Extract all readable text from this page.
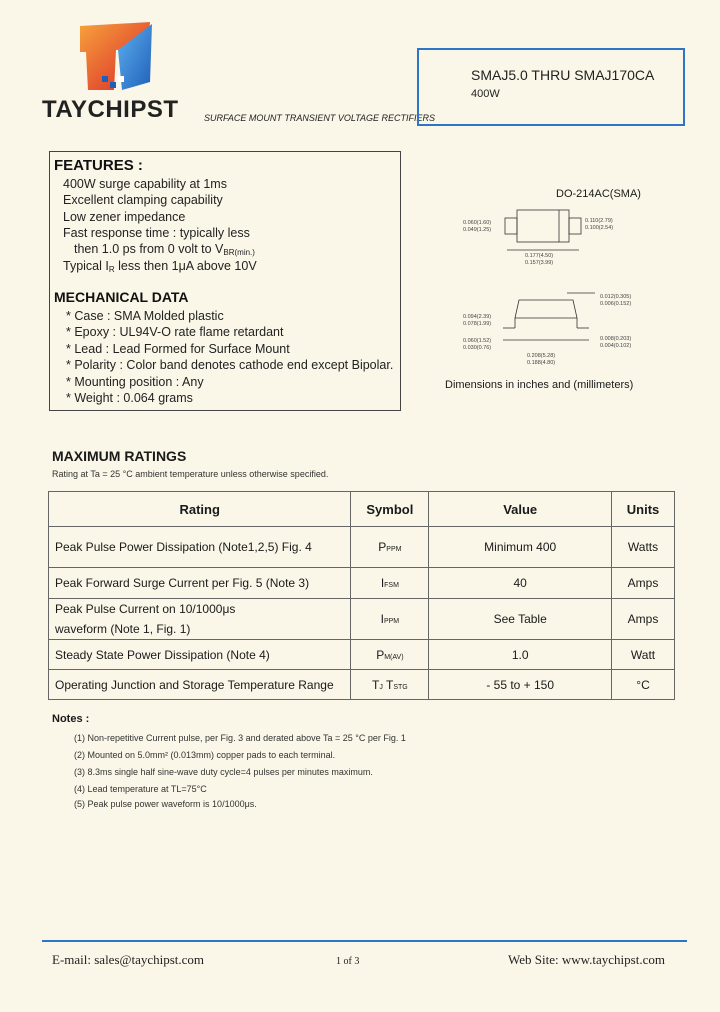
TAYCHIPST	SURFACE MOUNT TRANSIENT VOLTAGE RECTIFIERS
SMAJ5.0 THRU SMAJ170CA
400W
FEATURES :
400W surge capability at 1ms
Excellent clamping capability
Low zener impedance
Fast response time : typically less
then 1.0 ps from 0 volt to $V_{BR(min.)}$
Typical $I_R$ less then 1μA above 10V
MECHANICAL DATA
* Case : SMA Molded plastic
* Epoxy : UL94V-O rate flame retardant
* Lead : Lead Formed for Surface Mount
* Polarity : Color band denotes cathode end except Bipolar.
* Mounting position : Any
* Weight : 0.064 grams
DO-214AC(SMA)
0.060(1.60)
0.049(1.25)
0.110(2.79)
0.100(2.54)
0.177(4.50)
0.157(3.99)
0.094(2.39)
0.078(1.99)
0.012(0.305)
0.006(0.152)
0.008(0.203)
0.004(0.102)
0.060(1.52)
0.030(0.76)
0.208(5.28)
0.188(4.80)
Dimensions in inches and (millimeters)
MAXIMUM RATINGS
Rating at Ta = 25 °C ambient temperature unless otherwise specified.
Rating	Symbol	Value	Units
Peak Pulse Power Dissipation (Note1,2,5) Fig. 4	PPPM	Minimum 400	Watts
Peak Forward Surge Current per Fig. 5 (Note 3)	IFSM	40	Amps

Peak Pulse Current on 10/1000μs
waveform (Note 1, Fig. 1)	IPPM	See Table	Amps
Steady State Power Dissipation (Note 4)	PM(AV)	1.0	Watt
Operating Junction and Storage Temperature Range	TJ TSTG	- 55 to + 150	°C
Notes :
(1) Non-repetitive Current pulse, per Fig. 3 and derated above Ta = 25 °C per Fig. 1
(2) Mounted on 5.0mm² (0.013mm) copper pads to each terminal.
(3) 8.3ms single half sine-wave duty cycle=4 pulses per minutes maximum.
(4) Lead temperature at TL=75°C
(5) Peak pulse power waveform is 10/1000μs.
E-mail: sales@taychipst.com	1 of 3	Web Site: www.taychipst.com
